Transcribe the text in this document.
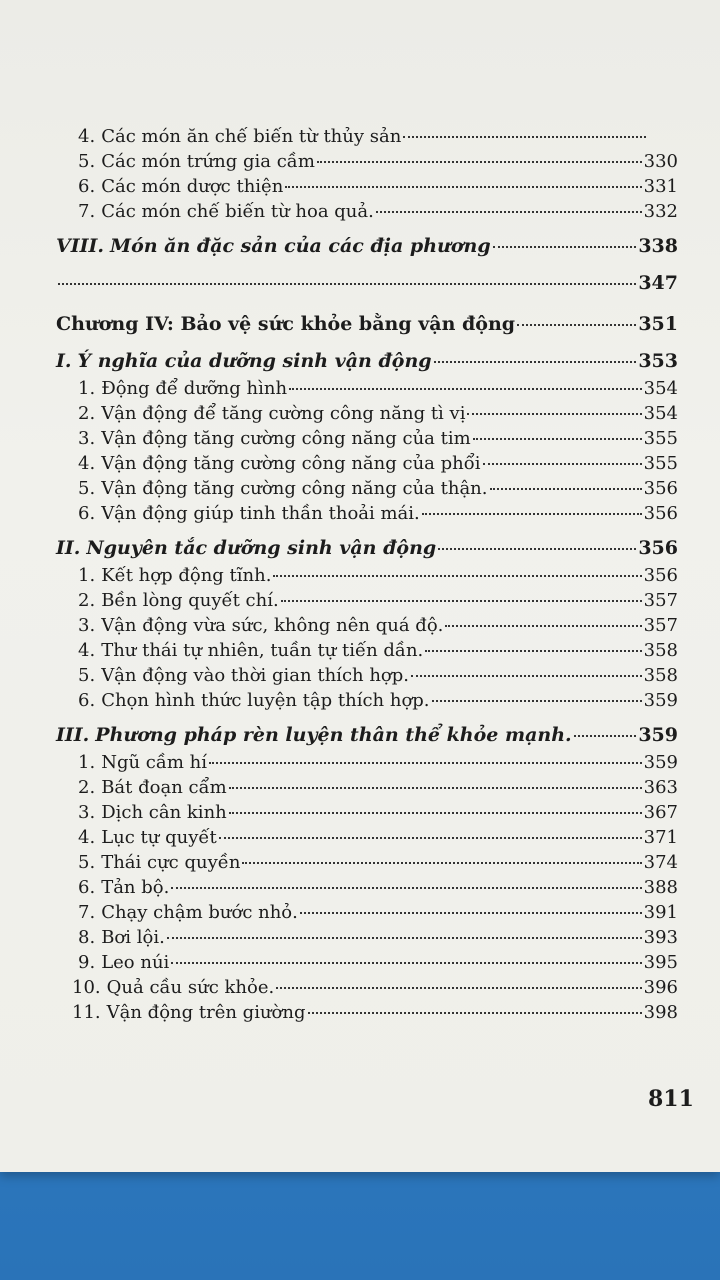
4. Các món ăn chế biến từ thủy sản
5. Các món trứng gia cầm	330
6. Các món dược thiện	331
7. Các món chế biến từ hoa quả.	332
VIII. Món ăn đặc sản của các địa phương	338
347
Chương IV: Bảo vệ sức khỏe bằng vận động	351
I. Ý nghĩa của dưỡng sinh vận động	353
1. Động để dưỡng hình	354
2. Vận động để tăng cường công năng tì vị	354
3. Vận động tăng cường công năng của tim	355
4. Vận động tăng cường công năng của phổi	355
5. Vận động tăng cường công năng của thận.	356
6. Vận động giúp tinh thần thoải mái.	356
II. Nguyên tắc dưỡng sinh vận động	356
1. Kết hợp động tĩnh.	356
2. Bền lòng quyết chí.	357
3. Vận động vừa sức, không nên quá độ.	357
4. Thư thái tự nhiên, tuần tự tiến dần.	358
5. Vận động vào thời gian thích hợp.	358
6. Chọn hình thức luyện tập thích hợp.	359
III. Phương pháp rèn luyện thân thể khỏe mạnh.	359
1. Ngũ cầm hí	359
2. Bát đoạn cẩm	363
3. Dịch cân kinh	367
4. Lục tự quyết	371
5. Thái cực quyền	374
6. Tản bộ.	388
7. Chạy chậm bước nhỏ.	391
8. Bơi lội.	393
9. Leo núi	395
10. Quả cầu sức khỏe.	396
11. Vận động trên giường	398
811
